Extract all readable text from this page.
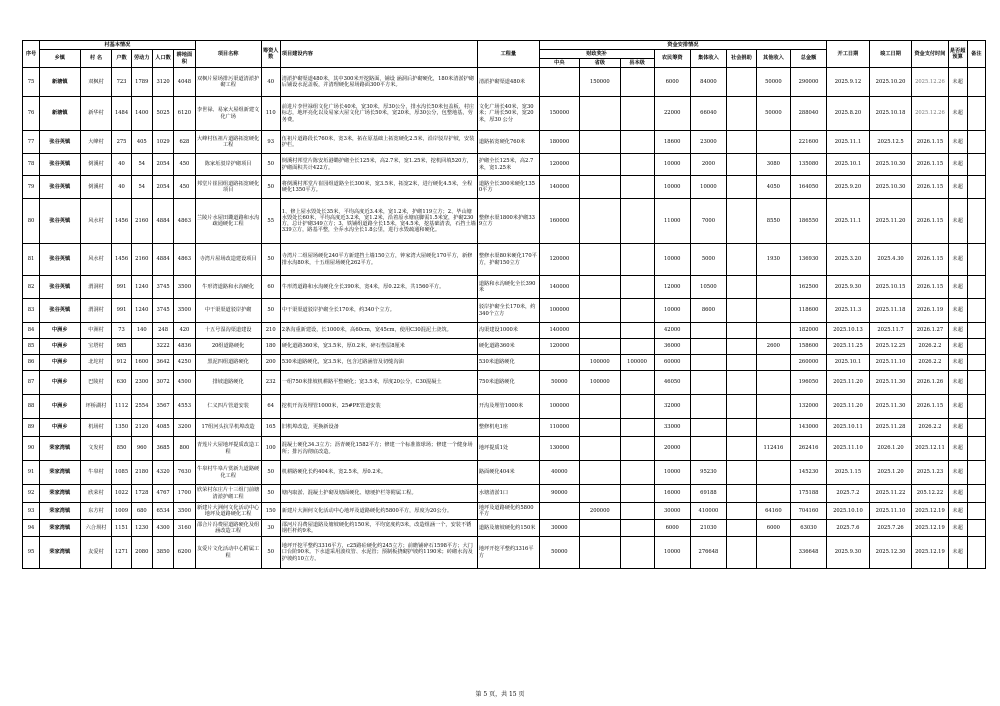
序号	村基本情况						项目名称	筹资人数	项目建设内容	工程量	资金安排情况								开工日期	竣工日期	资金支付时间	是否超预算	备注
	乡镇	村 名	户数	劳动力	人口数	耕地面积					财政奖补			农民筹资	集体收入	社会捐助	其他收入	总金额					
											中央	省级	县本级										
75	新塘镇	双枫村	723	1789	3120	4048	双枫片屋场排污渠道清淤护 砌工程	40	清淤护砌渠道480米，其中300米开挖路面，铺设 涵洞后护砌硬化，180米清淤护砌后铺设水泥盖板，并清理硬化屋场路面300平方米。	清淤护砌渠道480米		150000		6000	84000		50000	290000	2025.9.12	2025.10.20	2025.12.26	未超	
76	新塘镇	新华村	1484	1400	5025	6120	李世禄、易家大屋组新建文化广场	110	前进片李世禄组文化广场长40米，宽30米，厚30公分，排水沟长50米包盖板、村庄标志，地坪亮化以及易家大屋文化广场长50米，宽20米，厚30公分，包整地基，劳务费。	文化广场长40米，宽30米；广场长50米，宽20米，厚30 公分	150000			22000	66040		50000	288040	2025.8.20	2025.10.18	2025.12.26	未超	
77	张谷英镇	大峰村	275	405	1029	628	大峰村伍祖片道路拓宽硬化工程	93	伍祖片道路段长760米，宽3米，拓在原基础上拓宽硬化2.5米，沿岸驳岸护坡，安装护栏。	道路拓宽硬化760米	180000			18600	23000			221600	2025.11.1	2025.12.5	2026.1.15	未超	
78	张谷英镇	倒溪村	40	54	2054	450	陈家坵驳岸护砌项目	50	倒溪村邦堂片陈安坵港墈护砌全长125米，高2.7米，宽1.25米，挖机回填520方，护砌面积共计422方。	护砌全长125米，高2.7米，宽1.25米	120000			10000	2000		3080	135080	2025.10.1	2025.10.30	2026.1.15	未超	
79	张谷英镇	倒溪村	40	54	2054	450	邦堂片崔园组道路拓宽硬化项目	50	将倒溪村邦堂片崔园组道路全长300米，宽3.5米，拓宽2米，进行硬化4.5米，全程硬化1350平方。	道路全长300米硬化1350平方	140000			10000	10000		4050	164050	2025.9.20	2025.10.30	2026.1.15	未超	
80	张谷英镇	风水村	1456	2160	4884	4863	兰陵片水屋田墈道路和水沟疏通硬化工程	55	1、修上屋水毁处长35米，平均高度近3.4米，宽1.2米，护砌119立方；2、毕山塘水毁处长60米，平均高度近3.2米，宽1.2米，沿着原水塘底脚需1.5米宽，护砌230方，总计护砌349立方；3、铁铺组道路全长15米，宽4.5米，挖基础清表，石挡土墙339立方，路基平整，全乔水沟全长1.8公里，进行水毁疏通和硬化。	整修水渠1800米护砌339立方	160000			11000	7000		8550	186550	2025.11.1	2025.11.20	2026.1.15	未超	
81	张谷英镇	风水村	1456	2160	4884	4863	寺湾片屋场改造建设项目	50	寺湾片二组屋场硬化240平方新建挡土墙150立方，钟家湾大屋硬化170平方，新修排水沟80米，十五组屋场硬化262平方。	整修水渠80米硬化170平方，护砌150立方	120000			10000	5000		1930	136930	2025.3.20	2025.4.30	2026.1.15	未超	
82	张谷英镇	渭洞村	991	1240	3745	3500	牛形湾道路和水沟硬化	60	牛形湾道路和水沟硬化全长390米，宽4米，厚0.22米，共1560平方。	道路和水沟硬化全长390米	140000			12000	10500			162500	2025.9.30	2025.10.15	2026.1.15	未超	
83	张谷英镇	渭洞村	991	1240	3745	3500	中干渠渠道驳岸护砌	50	中干渠渠道驳岸护砌全长170米，约340个立方。	驳岸护砌全长170米，约340个立方	100000			10000	8600			118600	2025.11.3	2025.11.18	2026.1.19	未超	
84	中洲乡	中洲村	73	140	248	420	十五号湿沟渠道建设	210	2条沟重新建设，长1000米，高60cm，宽45cm，使用C30混泥土浇筑。	沟渠建设1000米	140000			42000				182000	2025.10.13	2025.11.7	2026.1.27	未超	
85	中洲乡	宝塔村	985		3222	4836	20组道路硬化	180	硬化道路360米，宽3.5米，厚0.2米，碎石垫层8厘米	硬化道路360米	120000			36000			2600	158600	2025.11.25	2025.12.25	2026.2.2	未超	
86	中洲乡	北坨村	912	1600	3642	4250	黑泥四组道路硬化	200	530米道路硬化，宽3.5米，包含过路涵管及切缝沟油	530米道路硬化		100000	100000	60000				260000	2025.10.1	2025.11.10	2026.2.2	未超	
87	中洲乡	巴陵村	630	2300	3072	4500	排坡道路硬化	232	一组750米排坡机耕路平整硬化；宽3.5米，厚度20公分，C30混凝土	750米道路硬化	50000	100000		46050				196050	2025.11.20	2025.11.30	2026.1.26	未超	
88	中洲乡	坪桥湖村	1112	2554	3567	4553	仁义四片管道安装	64	挖机开沟及埋管1000米，25#PE管道安装	开沟及埋管1000米	100000			32000				132000	2025.11.20	2025.11.30	2026.1.15	未超	
89	中洲乡	机场村	1350	2120	4085	3200	17组河头抗旱机埠改造	165	旧机埠改造，更换新设备	整修机电1座	110000			33000				143000	2025.10.11	2025.11.28	2026.2.2	未超	
90	荣家湾镇	文发村	850	960	3685	800	青莲片大屋地坪提质改造工程	100	混凝土硬化34.3立方；沥青硬化1582平方；修建一个标准篮球场；修建一个健身场所；排污沟彻底改造。	地坪提质1处	130000			20000			112416	262416	2025.11.10	2026.1.20	2025.12.11	未超	
91	荣家湾镇	牛皋村	1085	2180	4320	7630	牛皋村牛皋片赏新九道路硬化工程	50	机耕路硬化长约404米，宽2.5米，厚0.2米。	路面硬化404米	40000			10000	95230			145230	2025.1.15	2025.1.20	2025.1.23	未超	
92	荣家湾镇	欣荣村	1022	1728	4767	1700	欣荣村东庄片十三组门前塘清淤护砌工程	50	塘内取淤、混凝土护砌及塘面硬化、塘埂护栏等附属工程。	水塘清淤1口	90000			16000	69188			175188	2025.7.2	2025.11.22	205.12.22	未超	
93	荣家湾镇	东方村	1009	680	6534	3500	新建片大洲何文化活动中心地坪及道路硬化工程	150	新建片大洲何文化活动中心地坪及道路硬化约5800平方，厚度为20公分。	地坪及道路硬化约5800平方		200000		30000	410000		64160	704160	2025.10.10	2025.11.10	2025.12.19	未超	
94	荣家湾镇	六合坝村	1151	1230	4300	3160	邵合片冯费屋道路硬化及组涵改造工程	30	邵河片冯费屋道路及塘坡硬化约150米，平均宽度约3米，改造组涵一个，安装不锈钢栏杆约9米。	道路及塘坡硬化约150米	30000			6000	21030		6000	63030	2025.7.6	2025.7.26	2025.12.19	未超	
95	荣家湾镇	友爱村	1271	2080	3850	6200	友爱片文化活动中心附属工程	50	地坪开挖平整约3316平方，c25路砼硬化约245立方；前瞻铺碎石1598平方；大门口台阶90米。下水道采用波纹管、水泥管；预制板挠砌护坡约1190米；砖砌水沟及护坡约10立方。	地坪开挖平整约3316平方	50000			10000	276648			336648	2025.9.30	2025.12.30	2025.12.19	未超	
第 5 页，共 15 页
